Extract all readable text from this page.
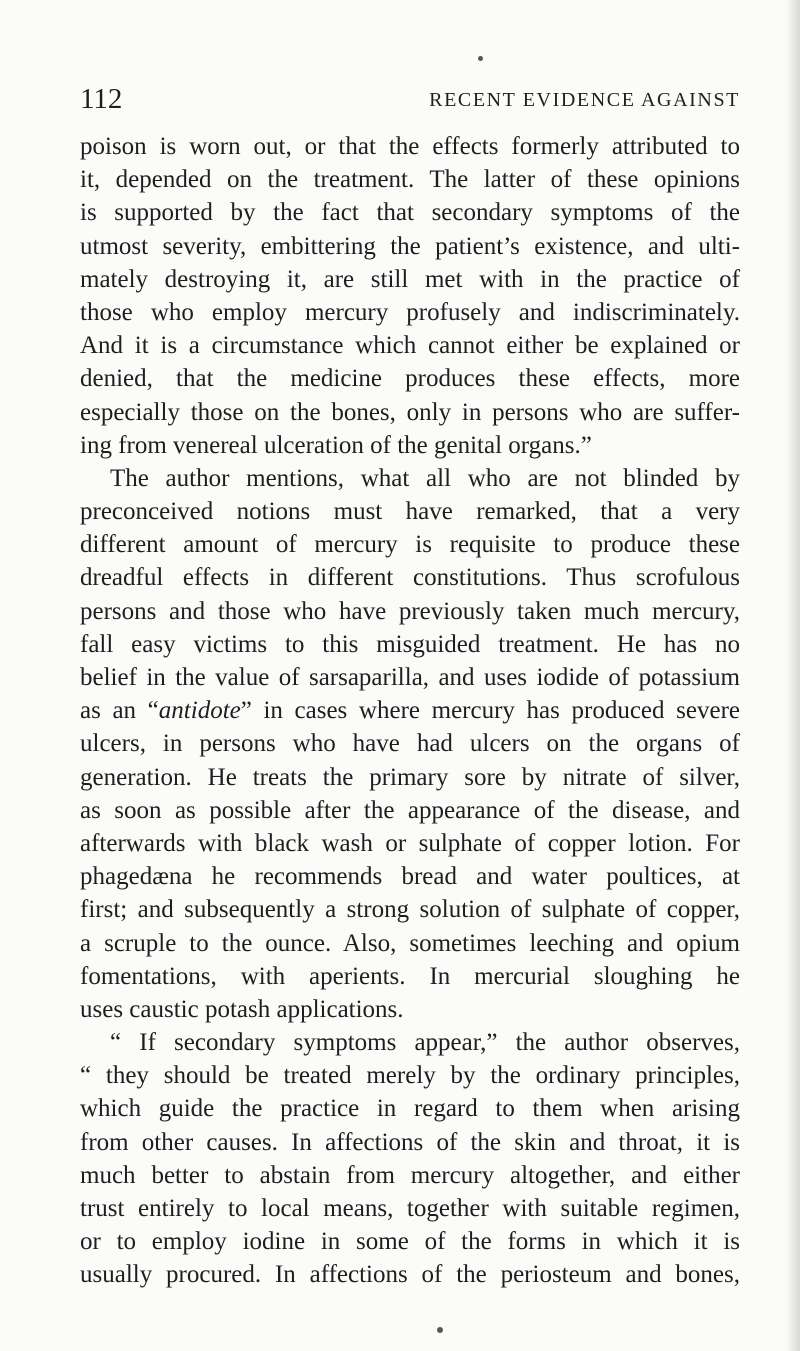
112	RECENT EVIDENCE AGAINST
poison is worn out, or that the effects formerly attributed to
it, depended on the treatment. The latter of these opinions
is supported by the fact that secondary symptoms of the
utmost severity, embittering the patient’s existence, and ulti-
mately destroying it, are still met with in the practice of
those who employ mercury profusely and indiscriminately.
And it is a circumstance which cannot either be explained or
denied, that the medicine produces these effects, more
especially those on the bones, only in persons who are suffer-
ing from venereal ulceration of the genital organs.”
The author mentions, what all who are not blinded by
preconceived notions must have remarked, that a very
different amount of mercury is requisite to produce these
dreadful effects in different constitutions. Thus scrofulous
persons and those who have previously taken much mercury,
fall easy victims to this misguided treatment. He has no
belief in the value of sarsaparilla, and uses iodide of potassium
as an “antidote” in cases where mercury has produced severe
ulcers, in persons who have had ulcers on the organs of
generation. He treats the primary sore by nitrate of silver,
as soon as possible after the appearance of the disease, and
afterwards with black wash or sulphate of copper lotion. For
phagedæna he recommends bread and water poultices, at
first; and subsequently a strong solution of sulphate of copper,
a scruple to the ounce. Also, sometimes leeching and opium
fomentations, with aperients. In mercurial sloughing he
uses caustic potash applications.
“ If secondary symptoms appear,” the author observes,
“ they should be treated merely by the ordinary principles,
which guide the practice in regard to them when arising
from other causes. In affections of the skin and throat, it is
much better to abstain from mercury altogether, and either
trust entirely to local means, together with suitable regimen,
or to employ iodine in some of the forms in which it is
usually procured. In affections of the periosteum and bones,
